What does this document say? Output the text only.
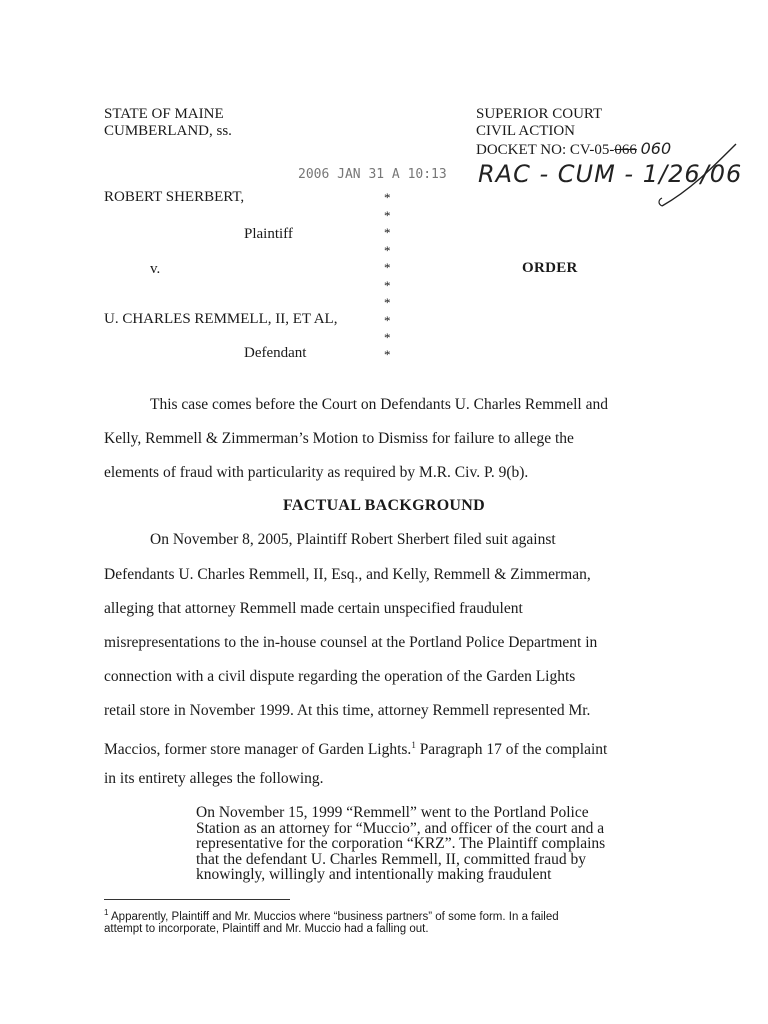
STATE OF MAINE
CUMBERLAND, ss.
SUPERIOR COURT
CIVIL ACTION
DOCKET NO: CV-05-066 060
2006 JAN 31 A 10:13 RAC - CUM - 1/26/06
ROBERT SHERBERT,
Plaintiff
v.
U. CHARLES REMMELL, II, ET AL,
Defendant
*
*
*
*
*
*
*
*
*
*
ORDER
This case comes before the Court on Defendants U. Charles Remmell and
Kelly, Remmell & Zimmerman’s Motion to Dismiss for failure to allege the
elements of fraud with particularity as required by M.R. Civ. P. 9(b).
FACTUAL BACKGROUND
On November 8, 2005, Plaintiff Robert Sherbert filed suit against
Defendants U. Charles Remmell, II, Esq., and Kelly, Remmell & Zimmerman,
alleging that attorney Remmell made certain unspecified fraudulent
misrepresentations to the in-house counsel at the Portland Police Department in
connection with a civil dispute regarding the operation of the Garden Lights
retail store in November 1999. At this time, attorney Remmell represented Mr.
Maccios, former store manager of Garden Lights.$^1$ Paragraph 17 of the complaint
in its entirety alleges the following.
On November 15, 1999 “Remmell” went to the Portland Police
Station as an attorney for “Muccio”, and officer of the court and a
representative for the corporation “KRZ”. The Plaintiff complains
that the defendant U. Charles Remmell, II, committed fraud by
knowingly, willingly and intentionally making fraudulent
$^1$ Apparently, Plaintiff and Mr. Muccios where “business partners” of some form. In a failed
attempt to incorporate, Plaintiff and Mr. Muccio had a falling out.
